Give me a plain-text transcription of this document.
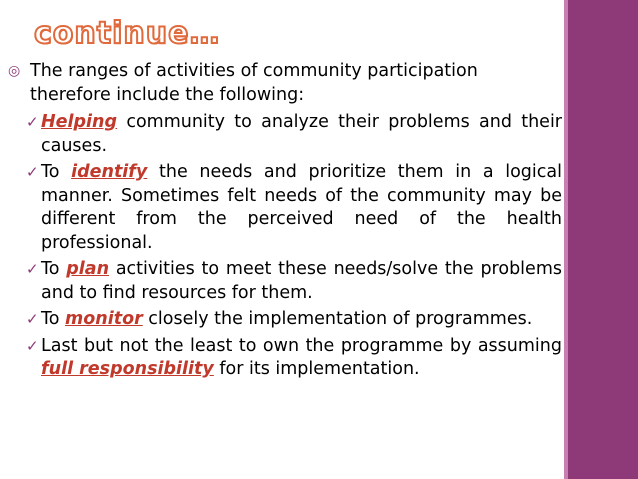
continue…

◎ The ranges of activities of community participation therefore include the following:

✓ Helping community to analyze their problems and their causes.

✓ To identify the needs and prioritize them in a logical manner. Sometimes felt needs of the community may be different from the perceived need of the health professional.

✓ To plan activities to meet these needs/solve the problems and to find resources for them.

✓ To monitor closely the implementation of programmes.

✓ Last but not the least to own the programme by assuming full responsibility for its implementation.
